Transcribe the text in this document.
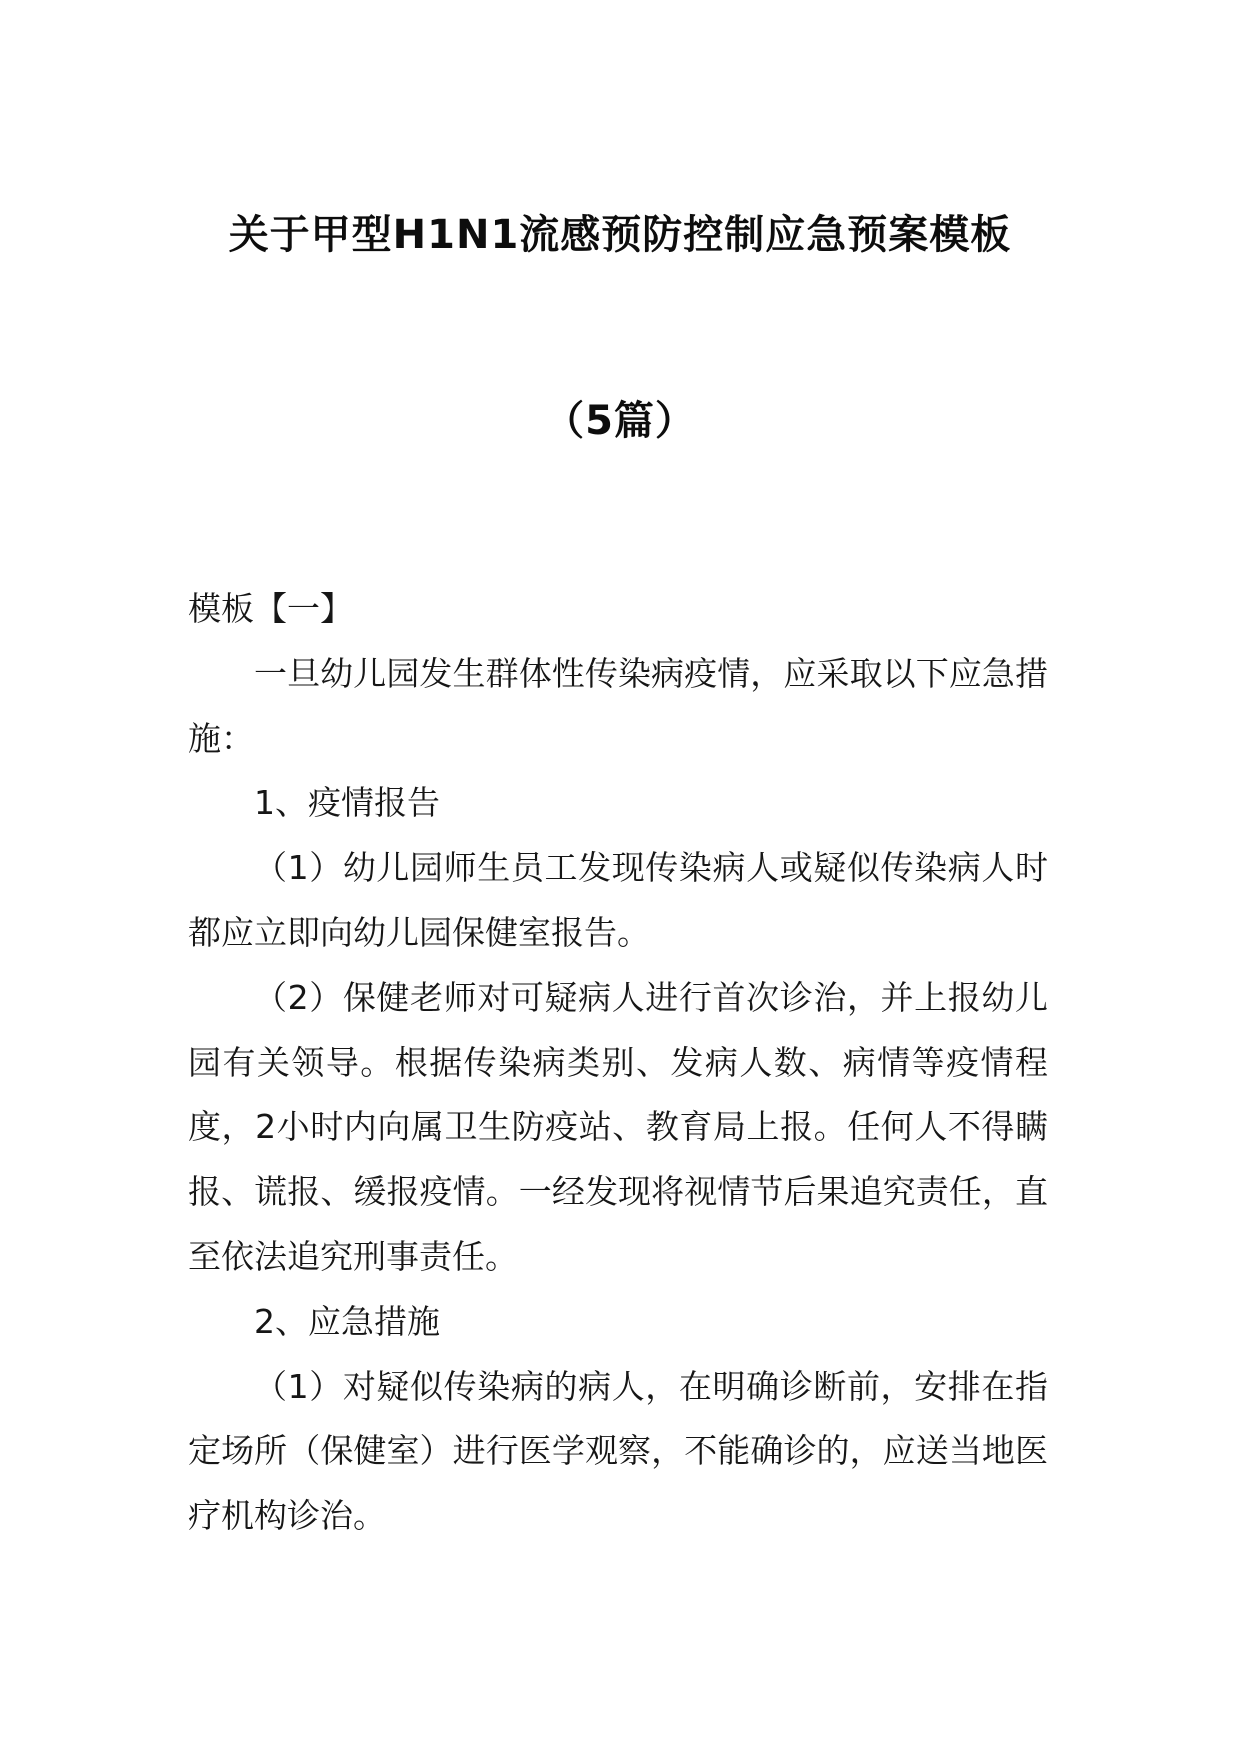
关于甲型H1N1流感预防控制应急预案模板
（5篇）

模板【一】

一旦幼儿园发生群体性传染病疫情，应采取以下应急措施：

1、疫情报告

（1）幼儿园师生员工发现传染病人或疑似传染病人时都应立即向幼儿园保健室报告。

（2）保健老师对可疑病人进行首次诊治，并上报幼儿园有关领导。根据传染病类别、发病人数、病情等疫情程度，2小时内向属卫生防疫站、教育局上报。任何人不得瞒报、谎报、缓报疫情。一经发现将视情节后果追究责任，直至依法追究刑事责任。

2、应急措施

（1）对疑似传染病的病人，在明确诊断前，安排在指定场所（保健室）进行医学观察，不能确诊的，应送当地医疗机构诊治。
